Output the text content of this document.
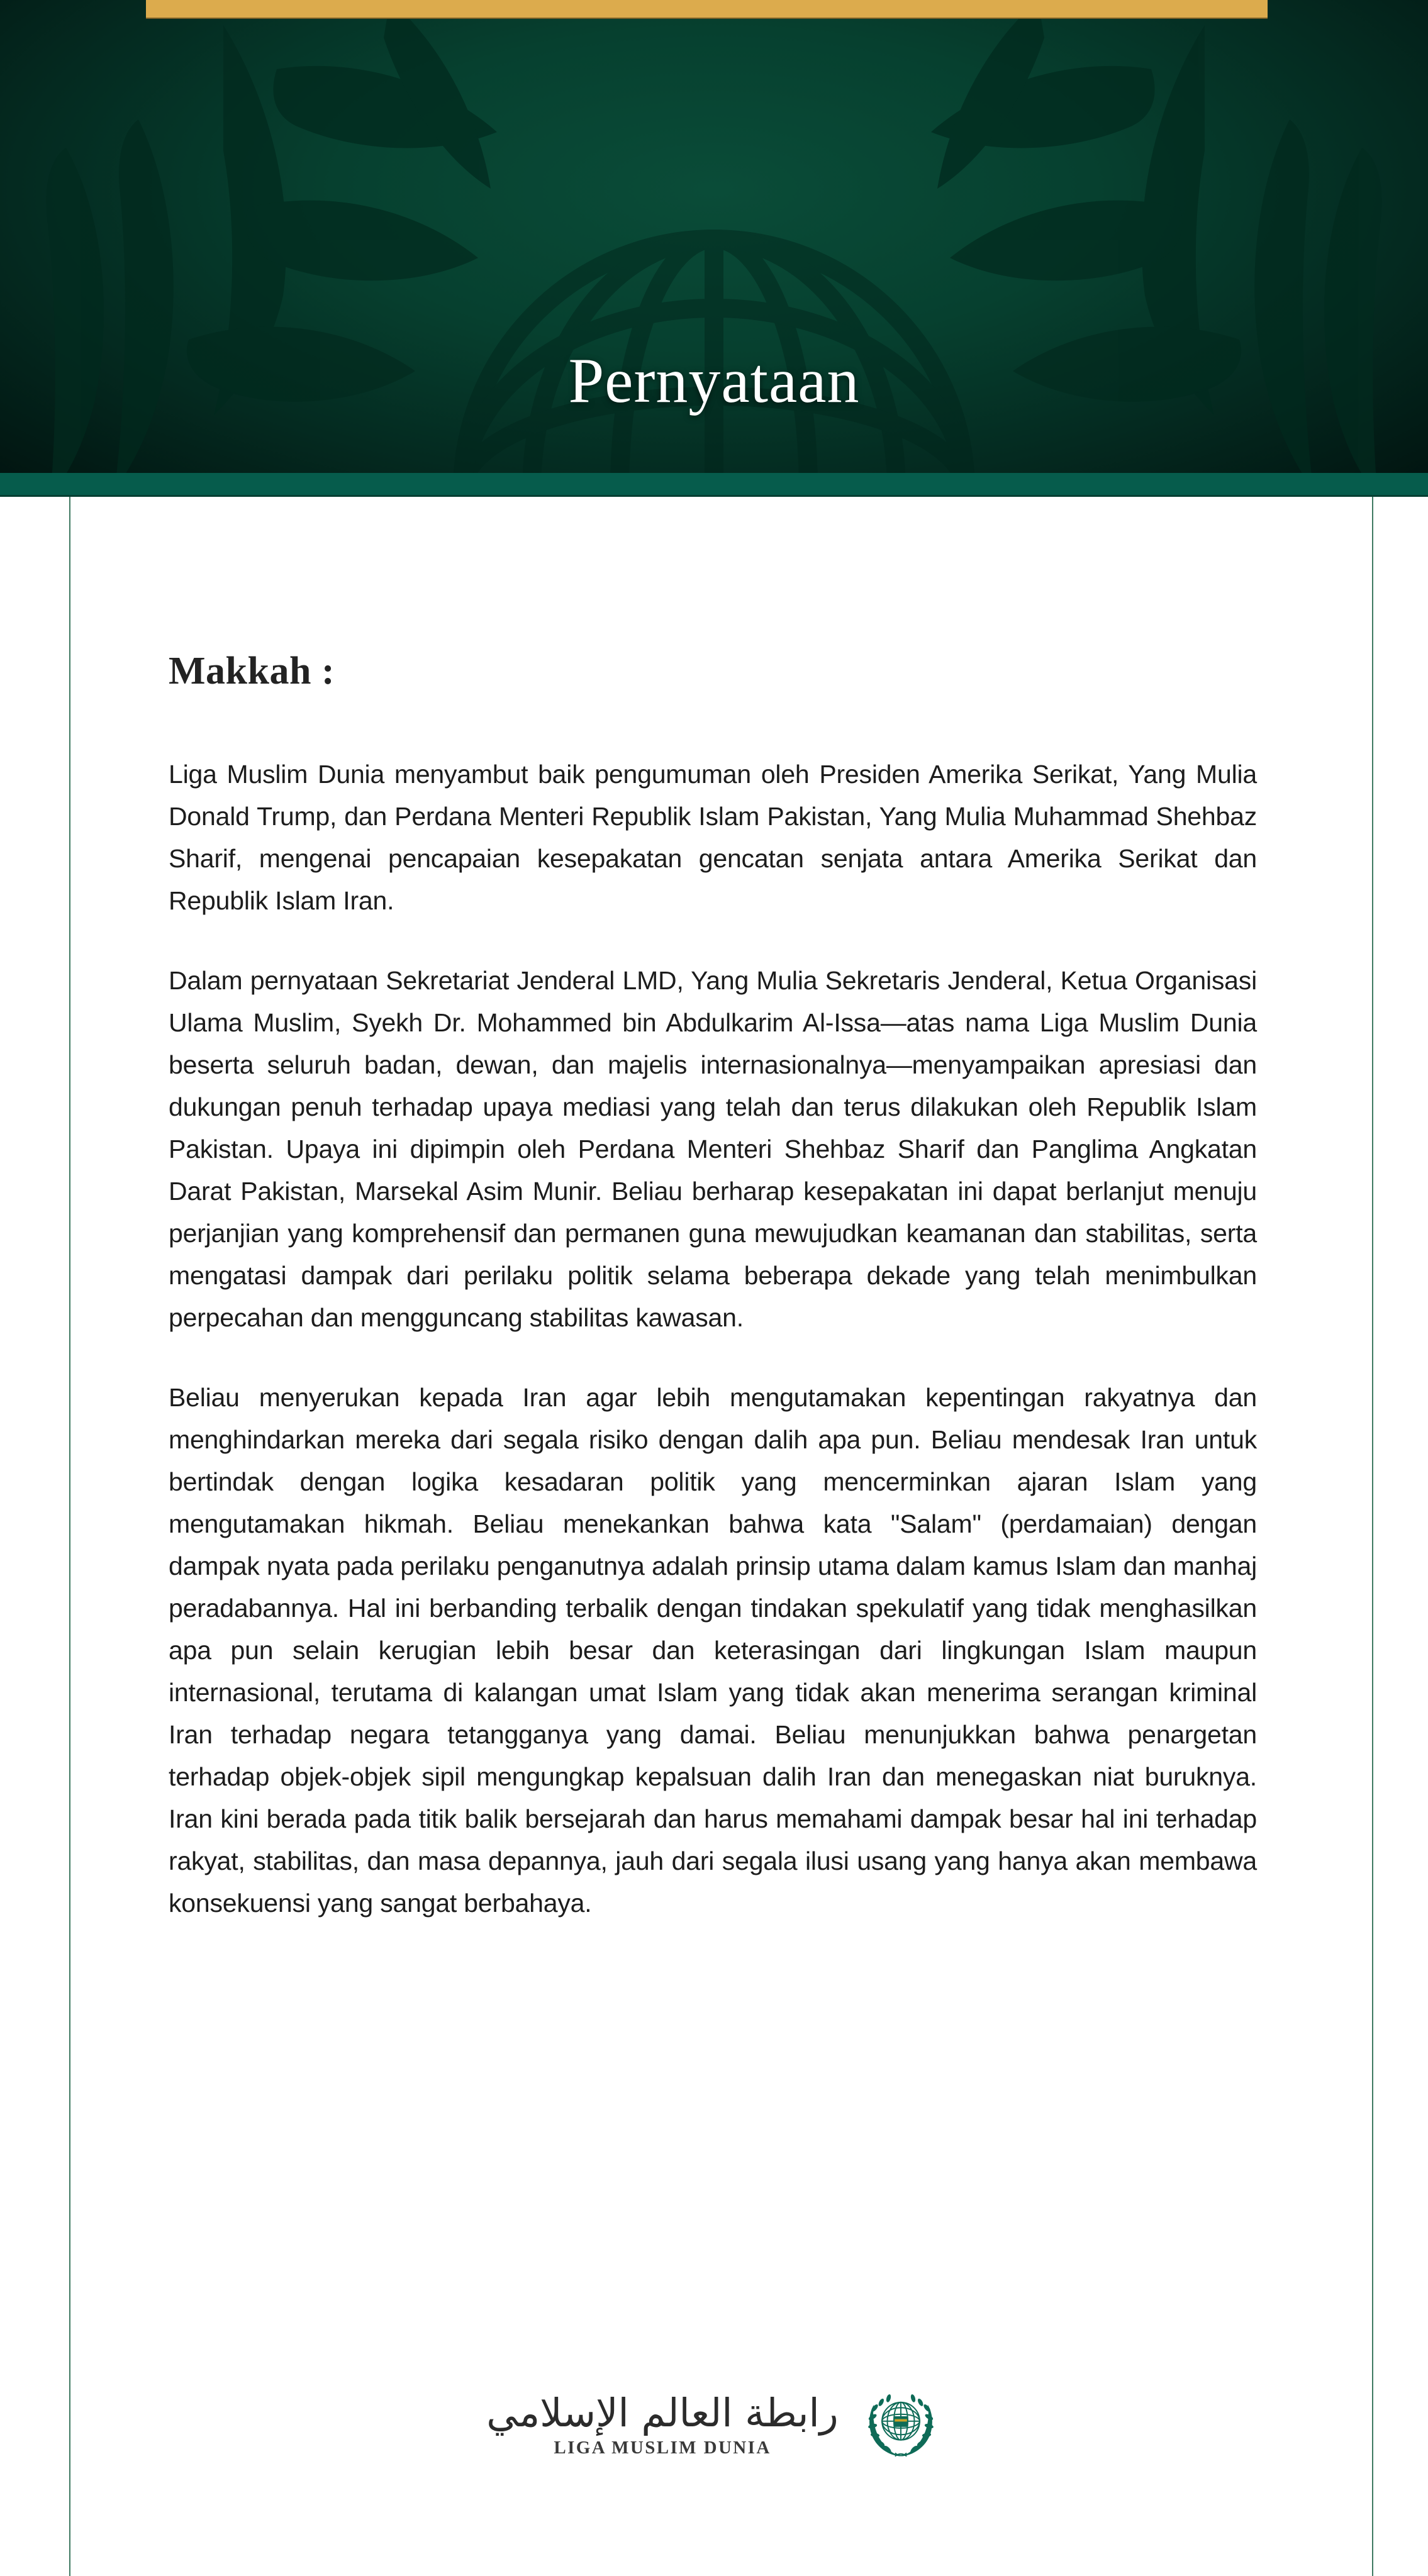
Pernyataan
Makkah :

Liga Muslim Dunia menyambut baik pengumuman oleh Presiden Amerika Serikat, Yang Mulia Donald Trump, dan Perdana Menteri Republik Islam Pakistan, Yang Mulia Muhammad Shehbaz Sharif, mengenai pencapaian kesepakatan gencatan senjata antara Amerika Serikat dan Republik Islam Iran.

Dalam pernyataan Sekretariat Jenderal LMD, Yang Mulia Sekretaris Jenderal, Ketua Organisasi Ulama Muslim, Syekh Dr. Mohammed bin Abdulkarim Al-Issa—atas nama Liga Muslim Dunia beserta seluruh badan, dewan, dan majelis internasionalnya—menyampaikan apresiasi dan dukungan penuh terhadap upaya mediasi yang telah dan terus dilakukan oleh Republik Islam Pakistan. Upaya ini dipimpin oleh Perdana Menteri Shehbaz Sharif dan Panglima Angkatan Darat Pakistan, Marsekal Asim Munir. Beliau berharap kesepakatan ini dapat berlanjut menuju perjanjian yang komprehensif dan permanen guna mewujudkan keamanan dan stabilitas, serta mengatasi dampak dari perilaku politik selama beberapa dekade yang telah menimbulkan perpecahan dan mengguncang stabilitas kawasan.

Beliau menyerukan kepada Iran agar lebih mengutamakan kepentingan rakyatnya dan menghindarkan mereka dari segala risiko dengan dalih apa pun. Beliau mendesak Iran untuk bertindak dengan logika kesadaran politik yang mencerminkan ajaran Islam yang mengutamakan hikmah. Beliau menekankan bahwa kata "Salam" (perdamaian) dengan dampak nyata pada perilaku penganutnya adalah prinsip utama dalam kamus Islam dan manhaj peradabannya. Hal ini berbanding terbalik dengan tindakan spekulatif yang tidak menghasilkan apa pun selain kerugian lebih besar dan keterasingan dari lingkungan Islam maupun internasional, terutama di kalangan umat Islam yang tidak akan menerima serangan kriminal Iran terhadap negara tetangganya yang damai. Beliau menunjukkan bahwa penargetan terhadap objek-objek sipil mengungkap kepalsuan dalih Iran dan menegaskan niat buruknya. Iran kini berada pada titik balik bersejarah dan harus memahami dampak besar hal ini terhadap rakyat, stabilitas, dan masa depannya, jauh dari segala ilusi usang yang hanya akan membawa konsekuensi yang sangat berbahaya.

رابطة العالم الإسلامي
LIGA MUSLIM DUNIA
